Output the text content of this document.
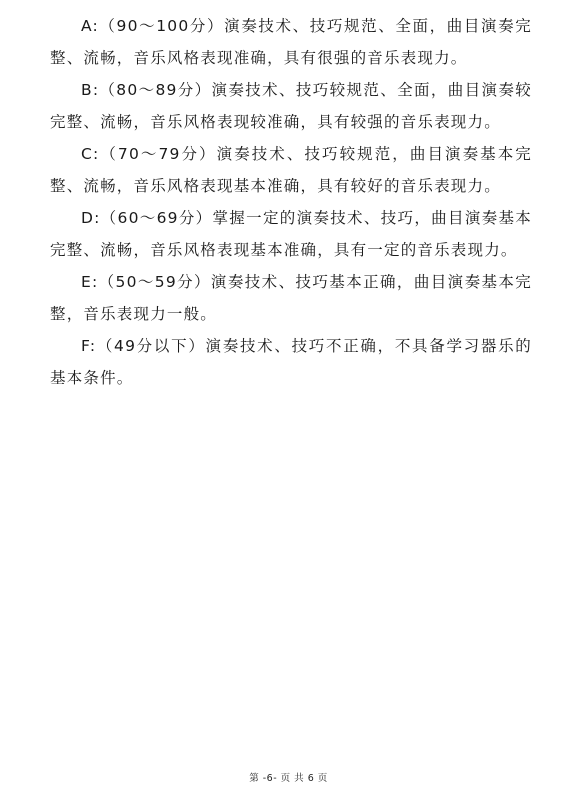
A:（90～100分）演奏技术、技巧规范、全面，曲目演奏完整、流畅，音乐风格表现准确，具有很强的音乐表现力。

B:（80～89分）演奏技术、技巧较规范、全面，曲目演奏较完整、流畅，音乐风格表现较准确，具有较强的音乐表现力。

C:（70～79分）演奏技术、技巧较规范，曲目演奏基本完整、流畅，音乐风格表现基本准确，具有较好的音乐表现力。

D:（60～69分）掌握一定的演奏技术、技巧，曲目演奏基本完整、流畅，音乐风格表现基本准确，具有一定的音乐表现力。

E:（50～59分）演奏技术、技巧基本正确，曲目演奏基本完整，音乐表现力一般。

F:（49分以下）演奏技术、技巧不正确，不具备学习器乐的基本条件。

第 -6- 页 共 6 页
